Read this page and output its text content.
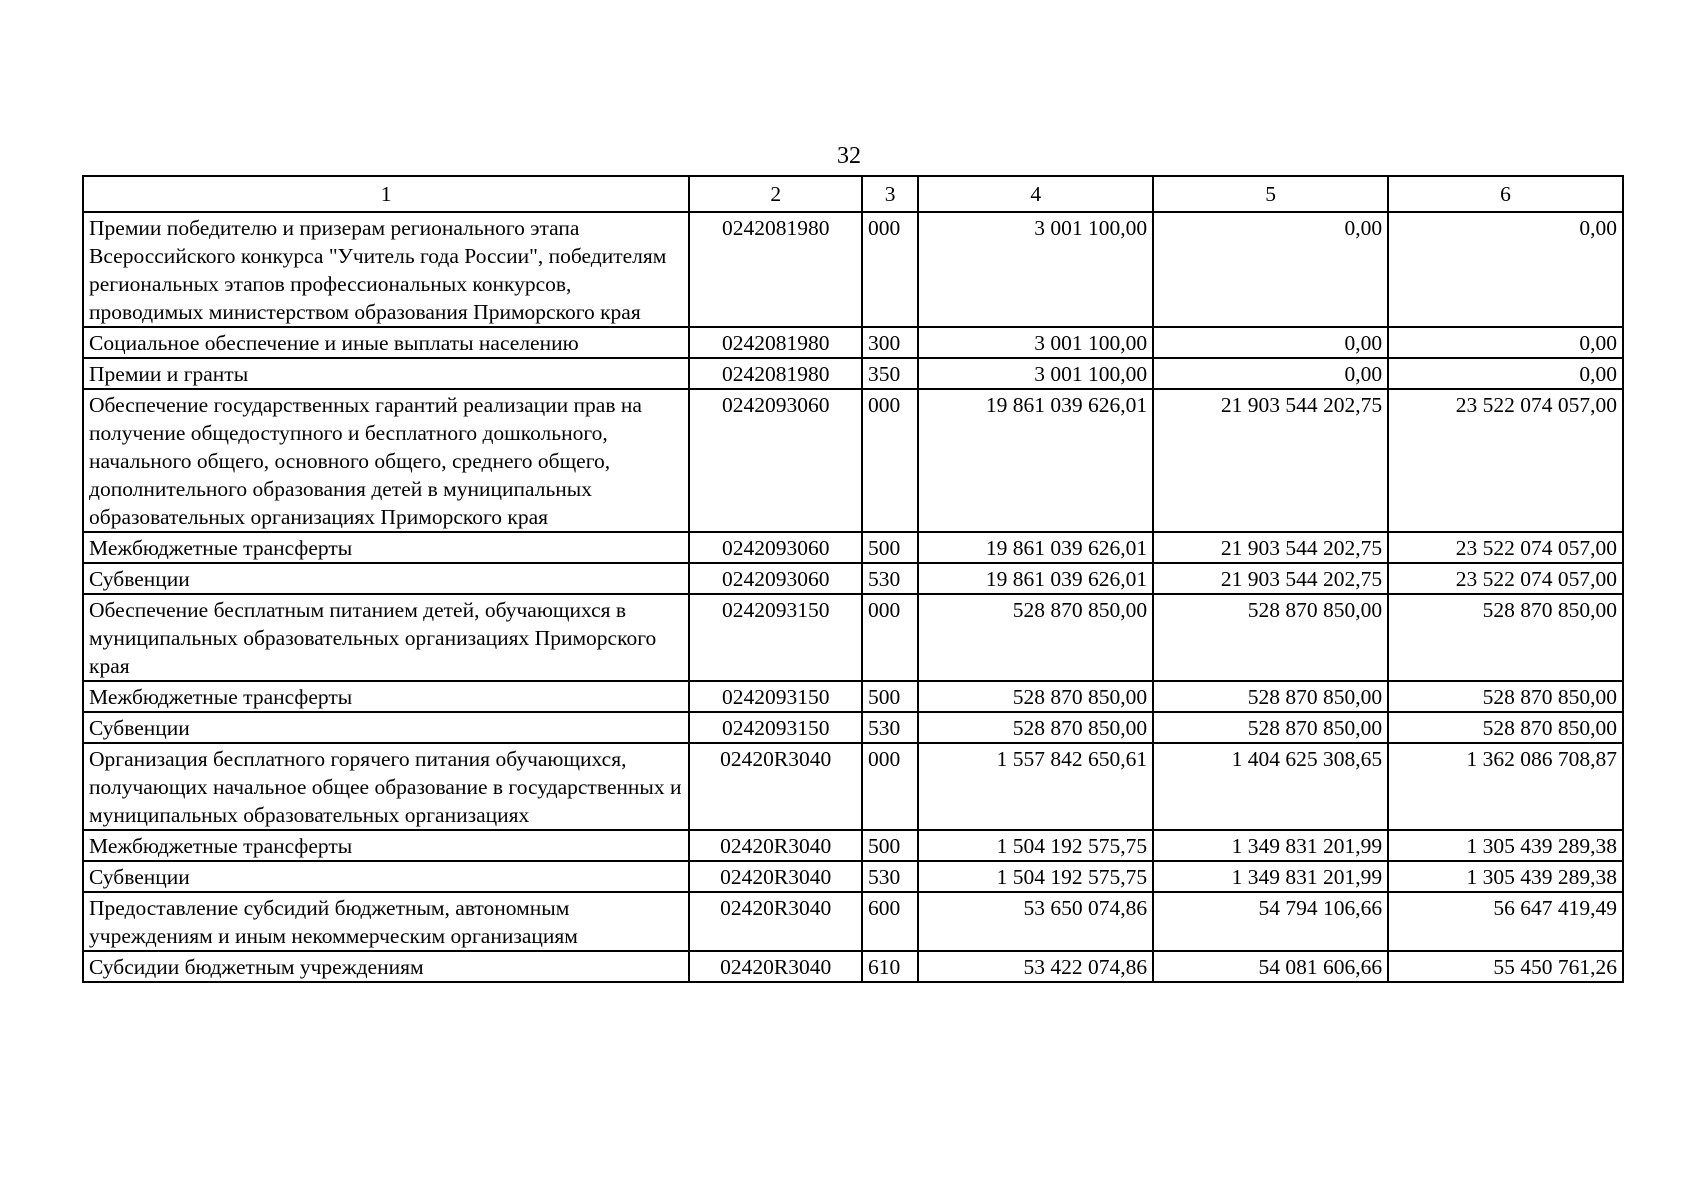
32
1	2	3	4	5	6
Премии победителю и призерам регионального этапа Всероссийского конкурса "Учитель года России", победителям региональных этапов профессиональных конкурсов, проводимых министерством образования Приморского края	0242081980	000	3 001 100,00	0,00	0,00
Социальное обеспечение и иные выплаты населению	0242081980	300	3 001 100,00	0,00	0,00
Премии и гранты	0242081980	350	3 001 100,00	0,00	0,00
Обеспечение государственных гарантий реализации прав на получение общедоступного и бесплатного дошкольного, начального общего, основного общего, среднего общего, дополнительного образования детей в муниципальных образовательных организациях Приморского края	0242093060	000	19 861 039 626,01	21 903 544 202,75	23 522 074 057,00
Межбюджетные трансферты	0242093060	500	19 861 039 626,01	21 903 544 202,75	23 522 074 057,00
Субвенции	0242093060	530	19 861 039 626,01	21 903 544 202,75	23 522 074 057,00
Обеспечение бесплатным питанием детей, обучающихся в муниципальных образовательных организациях Приморского края	0242093150	000	528 870 850,00	528 870 850,00	528 870 850,00
Межбюджетные трансферты	0242093150	500	528 870 850,00	528 870 850,00	528 870 850,00
Субвенции	0242093150	530	528 870 850,00	528 870 850,00	528 870 850,00
Организация бесплатного горячего питания обучающихся, получающих начальное общее образование в государственных и муниципальных образовательных организациях	02420R3040	000	1 557 842 650,61	1 404 625 308,65	1 362 086 708,87
Межбюджетные трансферты	02420R3040	500	1 504 192 575,75	1 349 831 201,99	1 305 439 289,38
Субвенции	02420R3040	530	1 504 192 575,75	1 349 831 201,99	1 305 439 289,38
Предоставление субсидий бюджетным, автономным учреждениям и иным некоммерческим организациям	02420R3040	600	53 650 074,86	54 794 106,66	56 647 419,49
Субсидии бюджетным учреждениям	02420R3040	610	53 422 074,86	54 081 606,66	55 450 761,26
